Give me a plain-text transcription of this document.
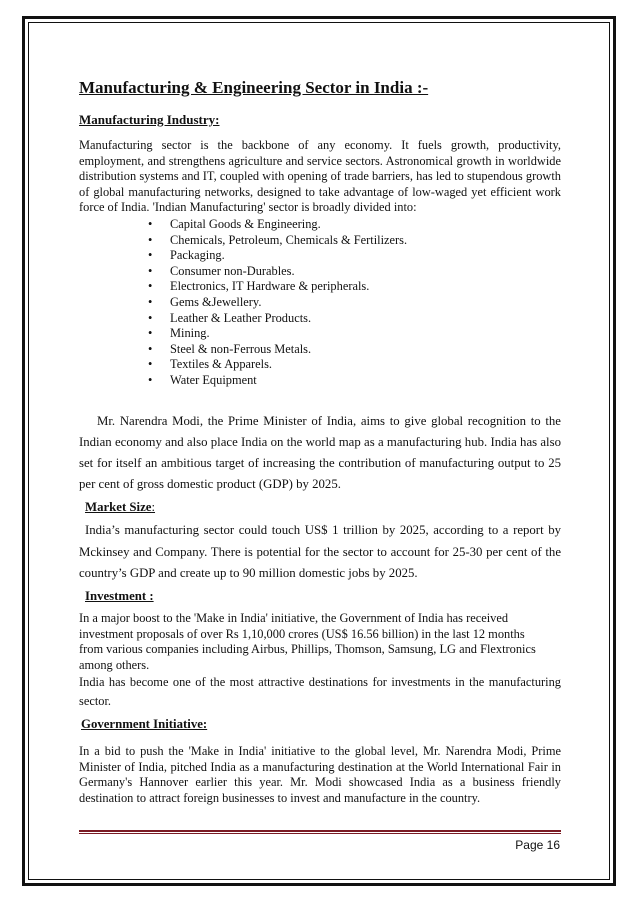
Manufacturing & Engineering Sector in India :-
Manufacturing Industry:

Manufacturing sector is the backbone of any economy. It fuels growth, productivity, employment, and strengthens agriculture and service sectors. Astronomical growth in worldwide distribution systems and IT, coupled with opening of trade barriers, has led to stupendous growth of global manufacturing networks, designed to take advantage of low-waged yet efficient work force of India. 'Indian Manufacturing' sector is broadly divided into:

• Capital Goods & Engineering.
• Chemicals, Petroleum, Chemicals & Fertilizers.
• Packaging.
• Consumer non-Durables.
• Electronics, IT Hardware & peripherals.
• Gems &Jewellery.
• Leather & Leather Products.
• Mining.
• Steel & non-Ferrous Metals.
• Textiles & Apparels.
• Water Equipment

Mr. Narendra Modi, the Prime Minister of India, aims to give global recognition to the Indian economy and also place India on the world map as a manufacturing hub. India has also set for itself an ambitious target of increasing the contribution of manufacturing output to 25 per cent of gross domestic product (GDP) by 2025.

Market Size:

India’s manufacturing sector could touch US$ 1 trillion by 2025, according to a report by Mckinsey and Company. There is potential for the sector to account for 25-30 per cent of the country’s GDP and create up to 90 million domestic jobs by 2025.

Investment :
In a major boost to the 'Make in India' initiative, the Government of India has received
investment proposals of over Rs 1,10,000 crores (US$ 16.56 billion) in the last 12 months
from various companies including Airbus, Phillips, Thomson, Samsung, LG and Flextronics
among others.

India has become one of the most attractive destinations for investments in the manufacturing sector.

Government Initiative:

In a bid to push the 'Make in India' initiative to the global level, Mr. Narendra Modi, Prime Minister of India, pitched India as a manufacturing destination at the World International Fair in Germany's Hannover earlier this year. Mr. Modi showcased India as a business friendly destination to attract foreign businesses to invest and manufacture in the country.

Page 16
